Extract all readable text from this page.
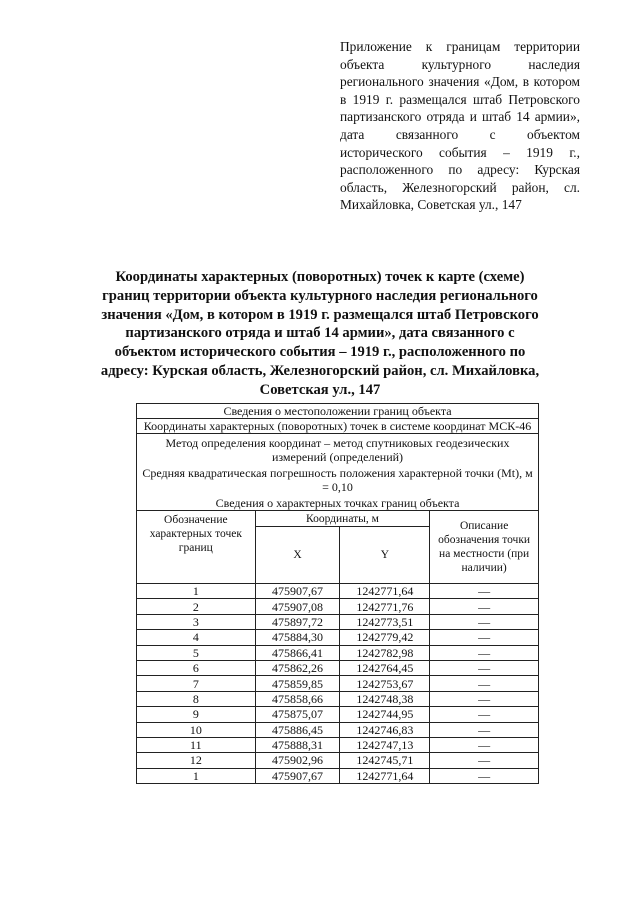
Приложение к границам территории объекта культурного наследия регионального значения «Дом, в котором в 1919 г. размещался штаб Петровского партизанского отряда и штаб 14 армии», дата связанного с объектом исторического события – 1919 г., расположенного по адресу: Курская область, Железногорский район, сл. Михайловка, Советская ул., 147
Координаты характерных (поворотных) точек к карте (схеме) границ территории объекта культурного наследия регионального значения «Дом, в котором в 1919 г. размещался штаб Петровского партизанского отряда и штаб 14 армии», дата связанного с объектом исторического события – 1919 г., расположенного по адресу: Курская область, Железногорский район, сл. Михайловка, Советская ул., 147
Сведения о местоположении границ объекта			
Координаты характерных (поворотных) точек в системе координат МСК-46			

Метод определения координат – метод спутниковых геодезических измерений (определений)
Средняя квадратическая погрешность положения характерной точки (Mt), м = 0,10
Сведения о характерных точках границ объекта			

Обозначение характерных точек границ	Координаты, м		Описание обозначения точки на местности (при наличии)
	X	Y	
1	475907,67	1242771,64	—
2	475907,08	1242771,76	—
3	475897,72	1242773,51	—
4	475884,30	1242779,42	—
5	475866,41	1242782,98	—
6	475862,26	1242764,45	—
7	475859,85	1242753,67	—
8	475858,66	1242748,38	—
9	475875,07	1242744,95	—
10	475886,45	1242746,83	—
11	475888,31	1242747,13	—
12	475902,96	1242745,71	—
1	475907,67	1242771,64	—
